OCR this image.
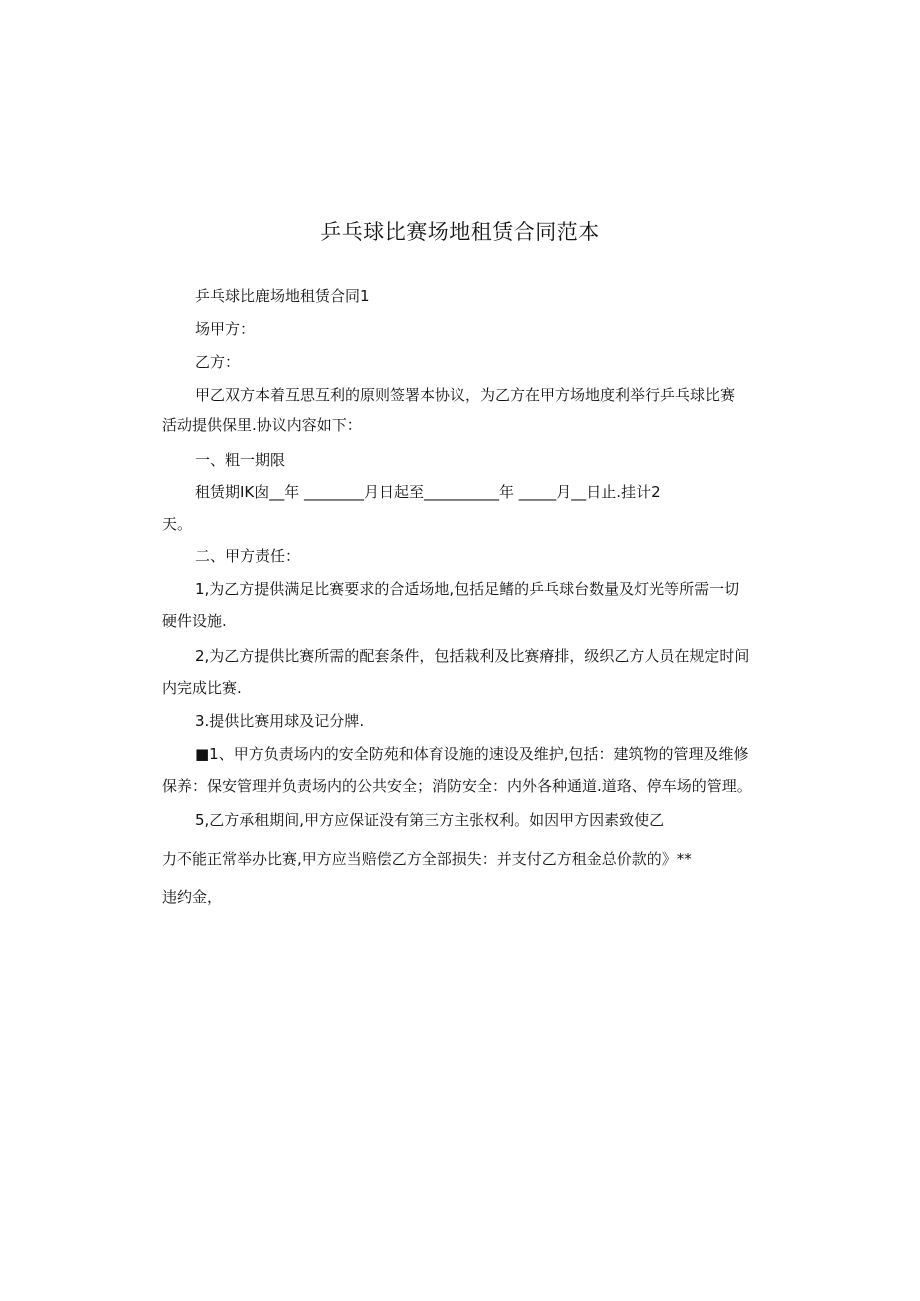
乒乓球比赛场地租赁合同范本
乒乓球比鹿场地租赁合同1
场甲方：
乙方：
甲乙双方本着互思互利的原则签署本协议，为乙方在甲方场地度利举行乒乓球比赛
活动提供保里.协议内容如下：
一、粗一期限
租赁期IK囱__年 ________月日起至__________年 _____月__日止.挂计2
天。
二、甲方责任：
1,为乙方提供满足比赛要求的合适场地,包括足鳍的乒乓球台数量及灯光等所需一切
硬件设施.
2,为乙方提供比赛所需的配套条件，包括栽利及比赛瘠排，级织乙方人员在规定时间
内完成比赛.
3.提供比赛用球及记分牌.
■1、甲方负责场内的安全防苑和体育设施的速设及维护,包括：建筑物的管理及维修
保养：保安管理并负责场内的公共安全；消防安全：内外各种通道.道珞、停车场的管理。
5,乙方承租期间,甲方应保证没有第三方主张权利。如因甲方因素致使乙
力不能正常举办比赛,甲方应当赔偿乙方全部损失：并支付乙方租金总价款的》**
违约金，
